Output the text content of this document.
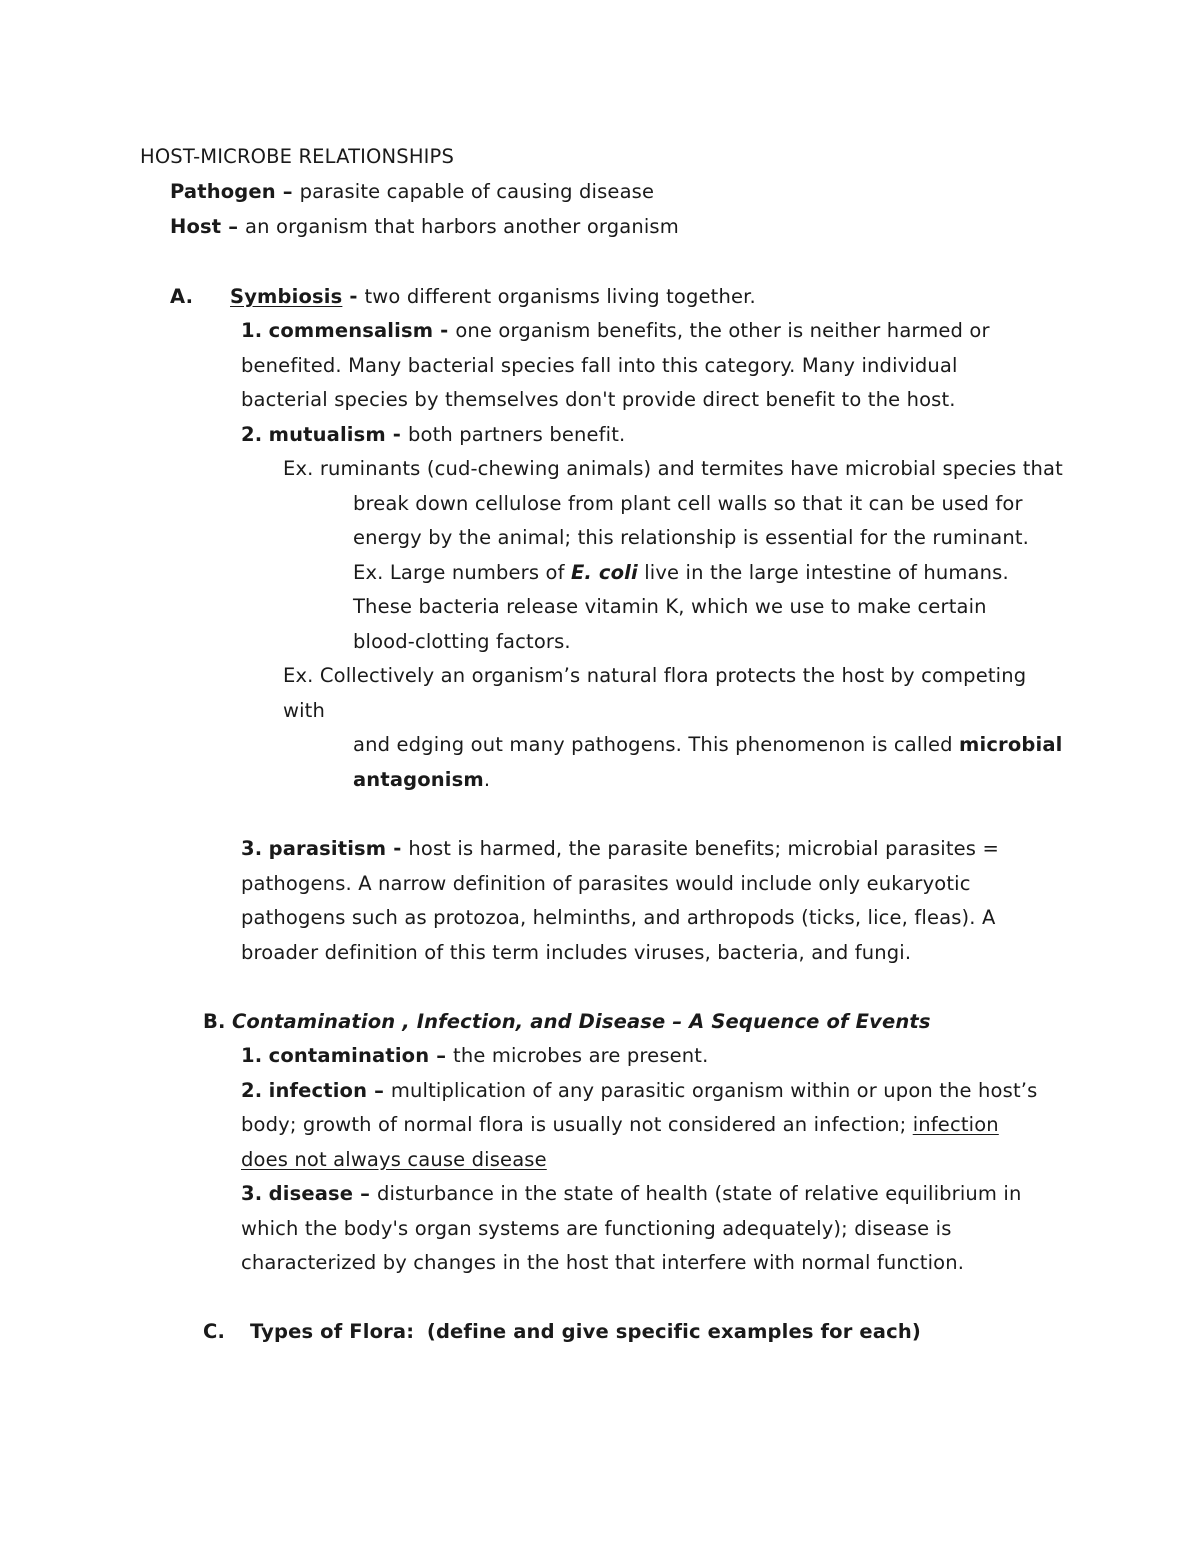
HOST-MICROBE RELATIONSHIPS
Pathogen – parasite capable of causing disease
Host – an organism that harbors another organism
A. Symbiosis - two different organisms living together.
1. commensalism - one organism benefits, the other is neither harmed or
benefited. Many bacterial species fall into this category. Many individual
bacterial species by themselves don't provide direct benefit to the host.
2. mutualism - both partners benefit.
Ex. ruminants (cud-chewing animals) and termites have microbial species that
break down cellulose from plant cell walls so that it can be used for
energy by the animal; this relationship is essential for the ruminant.
Ex. Large numbers of E. coli live in the large intestine of humans.
These bacteria release vitamin K, which we use to make certain
blood-clotting factors.
Ex. Collectively an organism’s natural flora protects the host by competing
with
and edging out many pathogens. This phenomenon is called microbial
antagonism.
3. parasitism - host is harmed, the parasite benefits; microbial parasites =
pathogens. A narrow definition of parasites would include only eukaryotic
pathogens such as protozoa, helminths, and arthropods (ticks, lice, fleas). A
broader definition of this term includes viruses, bacteria, and fungi.
B. Contamination , Infection, and Disease – A Sequence of Events
1. contamination – the microbes are present.
2. infection – multiplication of any parasitic organism within or upon the host’s
body; growth of normal flora is usually not considered an infection; infection
does not always cause disease
3. disease – disturbance in the state of health (state of relative equilibrium in
which the body's organ systems are functioning adequately); disease is
characterized by changes in the host that interfere with normal function.
C. Types of Flora: (define and give specific examples for each)
